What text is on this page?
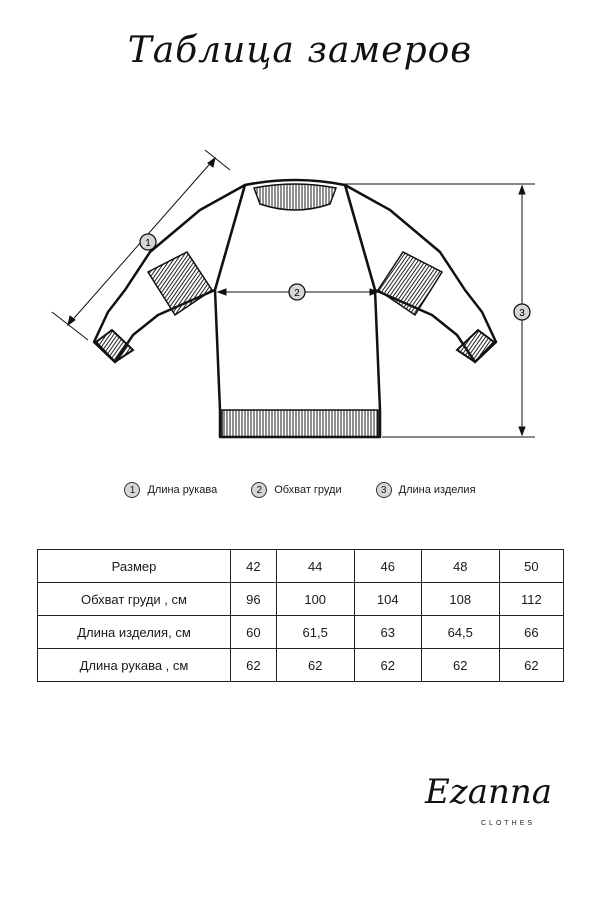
Таблица замеров
1
2
3
1	Длина рукава	2	Обхват груди	3	Длина изделия
Размер	42	44	46	48	50
Обхват груди , см	96	100	104	108	112
Длина изделия, см	60	61,5	63	64,5	66
Длина рукава , см	62	62	62	62	62
Ezanna
CLOTHES
